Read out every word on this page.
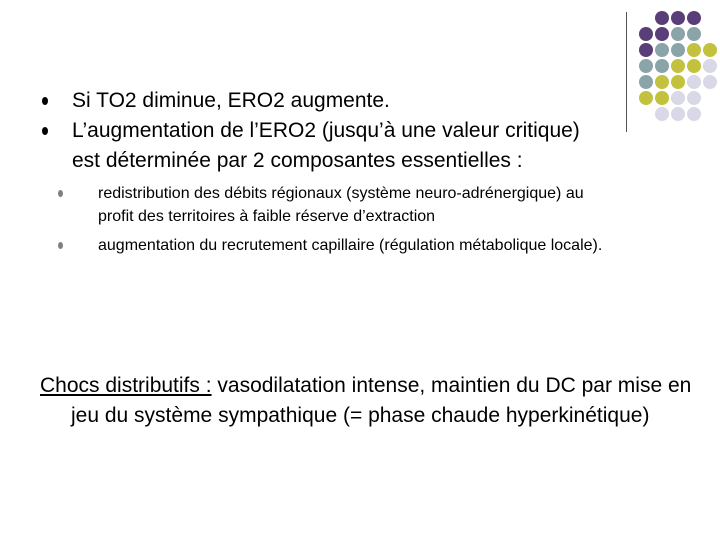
Si TO2 diminue, ERO2 augmente.
L’augmentation de l’ERO2 (jusqu’à une valeur critique) est déterminée par 2 composantes essentielles :
redistribution des débits régionaux (système neuro-adrénergique) au profit des territoires à faible réserve d’extraction
augmentation du recrutement capillaire (régulation métabolique locale).
Chocs distributifs : vasodilatation intense, maintien du DC par mise en jeu du système sympathique (= phase chaude hyperkinétique)
